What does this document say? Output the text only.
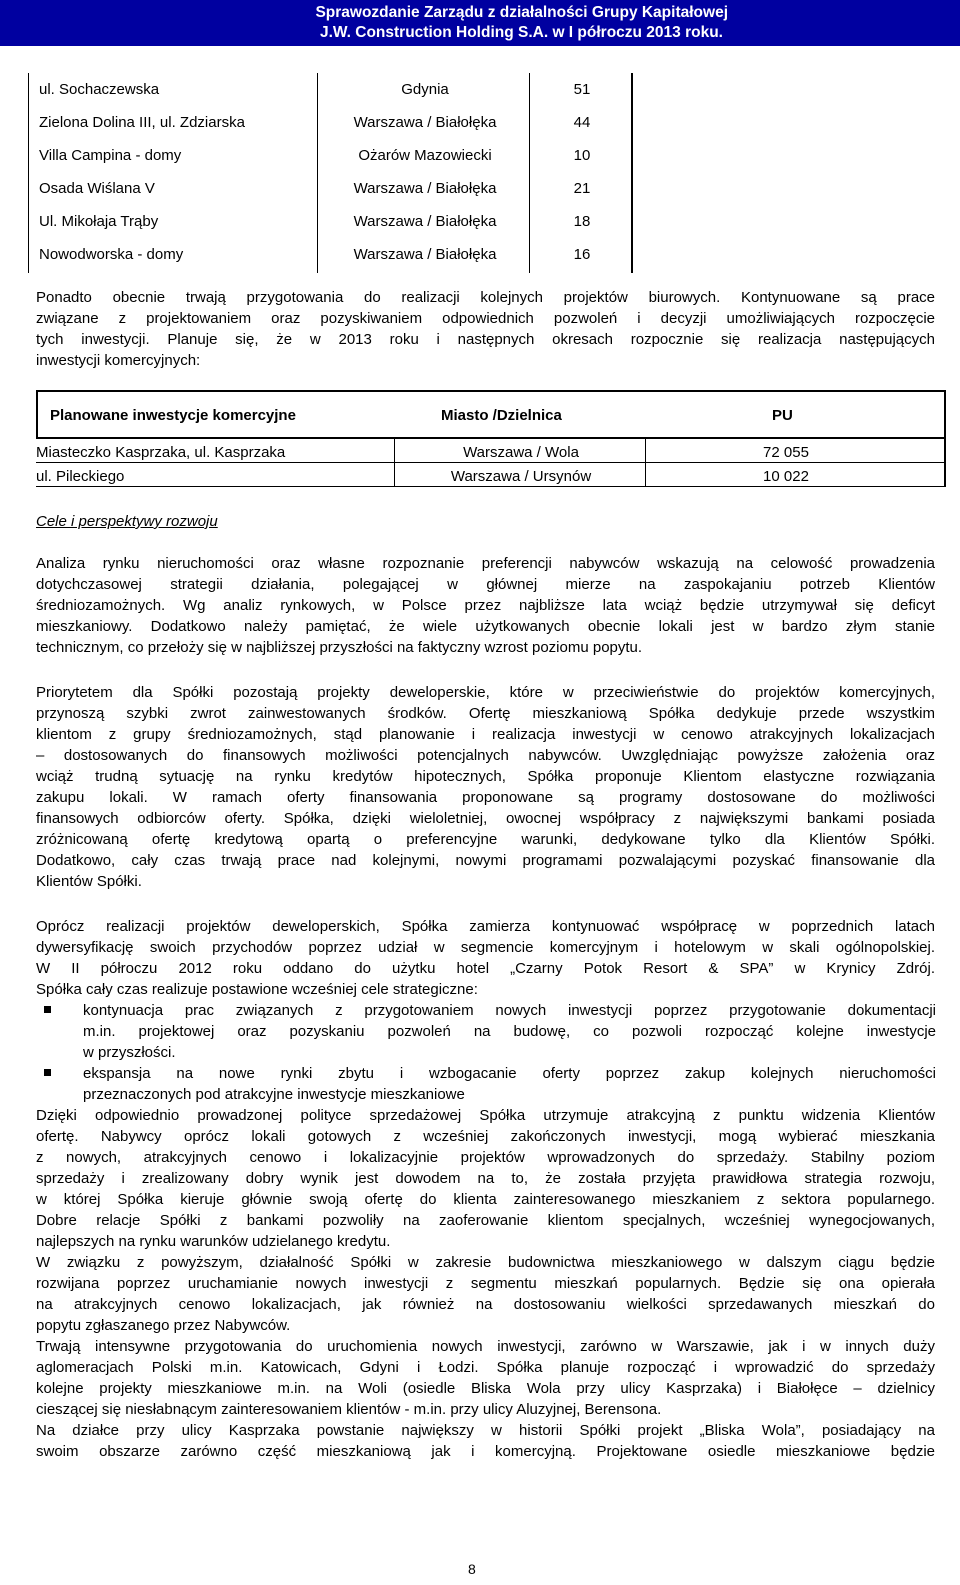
Sprawozdanie Zarządu z działalności Grupy Kapitałowej
J.W. Construction Holding S.A. w I półroczu 2013 roku.
ul. Sochaczewska	Gdynia	51
Zielona Dolina III, ul. Zdziarska	Warszawa / Białołęka	44
Villa Campina - domy	Ożarów Mazowiecki	10
Osada Wiślana V	Warszawa / Białołęka	21
Ul. Mikołaja Trąby	Warszawa / Białołęka	18
Nowodworska - domy	Warszawa / Białołęka	16
Ponadto obecnie trwają przygotowania do realizacji kolejnych projektów biurowych. Kontynuowane są prace
związane z projektowaniem oraz pozyskiwaniem odpowiednich pozwoleń i decyzji umożliwiających rozpoczęcie
tych inwestycji. Planuje się, że w 2013 roku i następnych okresach rozpocznie się realizacja następujących
inwestycji komercyjnych:
Planowane inwestycje komercyjne	Miasto /Dzielnica	PU
Miasteczko Kasprzaka, ul. Kasprzaka	Warszawa / Wola	72 055
ul. Pileckiego	Warszawa / Ursynów	10 022
Cele i perspektywy rozwoju
Analiza rynku nieruchomości oraz własne rozpoznanie preferencji nabywców wskazują na celowość prowadzenia
dotychczasowej strategii działania, polegającej w głównej mierze na zaspokajaniu potrzeb Klientów
średniozamożnych. Wg analiz rynkowych, w Polsce przez najbliższe lata wciąż będzie utrzymywał się deficyt
mieszkaniowy. Dodatkowo należy pamiętać, że wiele użytkowanych obecnie lokali jest w bardzo złym stanie
technicznym, co przełoży się w najbliższej przyszłości na faktyczny wzrost poziomu popytu.
Priorytetem dla Spółki pozostają projekty deweloperskie, które w przeciwieństwie do projektów komercyjnych,
przynoszą szybki zwrot zainwestowanych środków. Ofertę mieszkaniową Spółka dedykuje przede wszystkim
klientom z grupy średniozamożnych, stąd planowanie i realizacja inwestycji w cenowo atrakcyjnych lokalizacjach
– dostosowanych do finansowych możliwości potencjalnych nabywców. Uwzględniając powyższe założenia oraz
wciąż trudną sytuację na rynku kredytów hipotecznych, Spółka proponuje Klientom elastyczne rozwiązania
zakupu lokali. W ramach oferty finansowania proponowane są programy dostosowane do możliwości
finansowych odbiorców oferty. Spółka, dzięki wieloletniej, owocnej współpracy z największymi bankami posiada
zróżnicowaną ofertę kredytową opartą o preferencyjne warunki, dedykowane tylko dla Klientów Spółki.
Dodatkowo, cały czas trwają prace nad kolejnymi, nowymi programami pozwalającymi pozyskać finansowanie dla
Klientów Spółki.
Oprócz realizacji projektów deweloperskich, Spółka zamierza kontynuować współpracę w poprzednich latach
dywersyfikację swoich przychodów poprzez udział w segmencie komercyjnym i hotelowym w skali ogólnopolskiej.
W II półroczu 2012 roku oddano do użytku hotel „Czarny Potok Resort & SPA” w Krynicy Zdrój.
Spółka cały czas realizuje postawione wcześniej cele strategiczne:
kontynuacja prac związanych z przygotowaniem nowych inwestycji poprzez przygotowanie dokumentacji
m.in. projektowej oraz pozyskaniu pozwoleń na budowę, co pozwoli rozpocząć kolejne inwestycje
w przyszłości.
ekspansja na nowe rynki zbytu i wzbogacanie oferty poprzez zakup kolejnych nieruchomości
przeznaczonych pod atrakcyjne inwestycje mieszkaniowe
Dzięki odpowiednio prowadzonej polityce sprzedażowej Spółka utrzymuje atrakcyjną z punktu widzenia Klientów
ofertę. Nabywcy oprócz lokali gotowych z wcześniej zakończonych inwestycji, mogą wybierać mieszkania
z nowych, atrakcyjnych cenowo i lokalizacyjnie projektów wprowadzonych do sprzedaży. Stabilny poziom
sprzedaży i zrealizowany dobry wynik jest dowodem na to, że została przyjęta prawidłowa strategia rozwoju,
w której Spółka kieruje głównie swoją ofertę do klienta zainteresowanego mieszkaniem z sektora popularnego.
Dobre relacje Spółki z bankami pozwoliły na zaoferowanie klientom specjalnych, wcześniej wynegocjowanych,
najlepszych na rynku warunków udzielanego kredytu.
W związku z powyższym, działalność Spółki w zakresie budownictwa mieszkaniowego w dalszym ciągu będzie
rozwijana poprzez uruchamianie nowych inwestycji z segmentu mieszkań popularnych. Będzie się ona opierała
na atrakcyjnych cenowo lokalizacjach, jak również na dostosowaniu wielkości sprzedawanych mieszkań do
popytu zgłaszanego przez Nabywców.
Trwają intensywne przygotowania do uruchomienia nowych inwestycji, zarówno w Warszawie, jak i w innych duży
aglomeracjach Polski m.in. Katowicach, Gdyni i Łodzi. Spółka planuje rozpocząć i wprowadzić do sprzedaży
kolejne projekty mieszkaniowe m.in. na Woli (osiedle Bliska Wola przy ulicy Kasprzaka) i Białołęce – dzielnicy
cieszącej się niesłabnącym zainteresowaniem klientów - m.in. przy ulicy Aluzyjnej, Berensona.
Na działce przy ulicy Kasprzaka powstanie największy w historii Spółki projekt „Bliska Wola”, posiadający na
swoim obszarze zarówno część mieszkaniową jak i komercyjną. Projektowane osiedle mieszkaniowe będzie
8
